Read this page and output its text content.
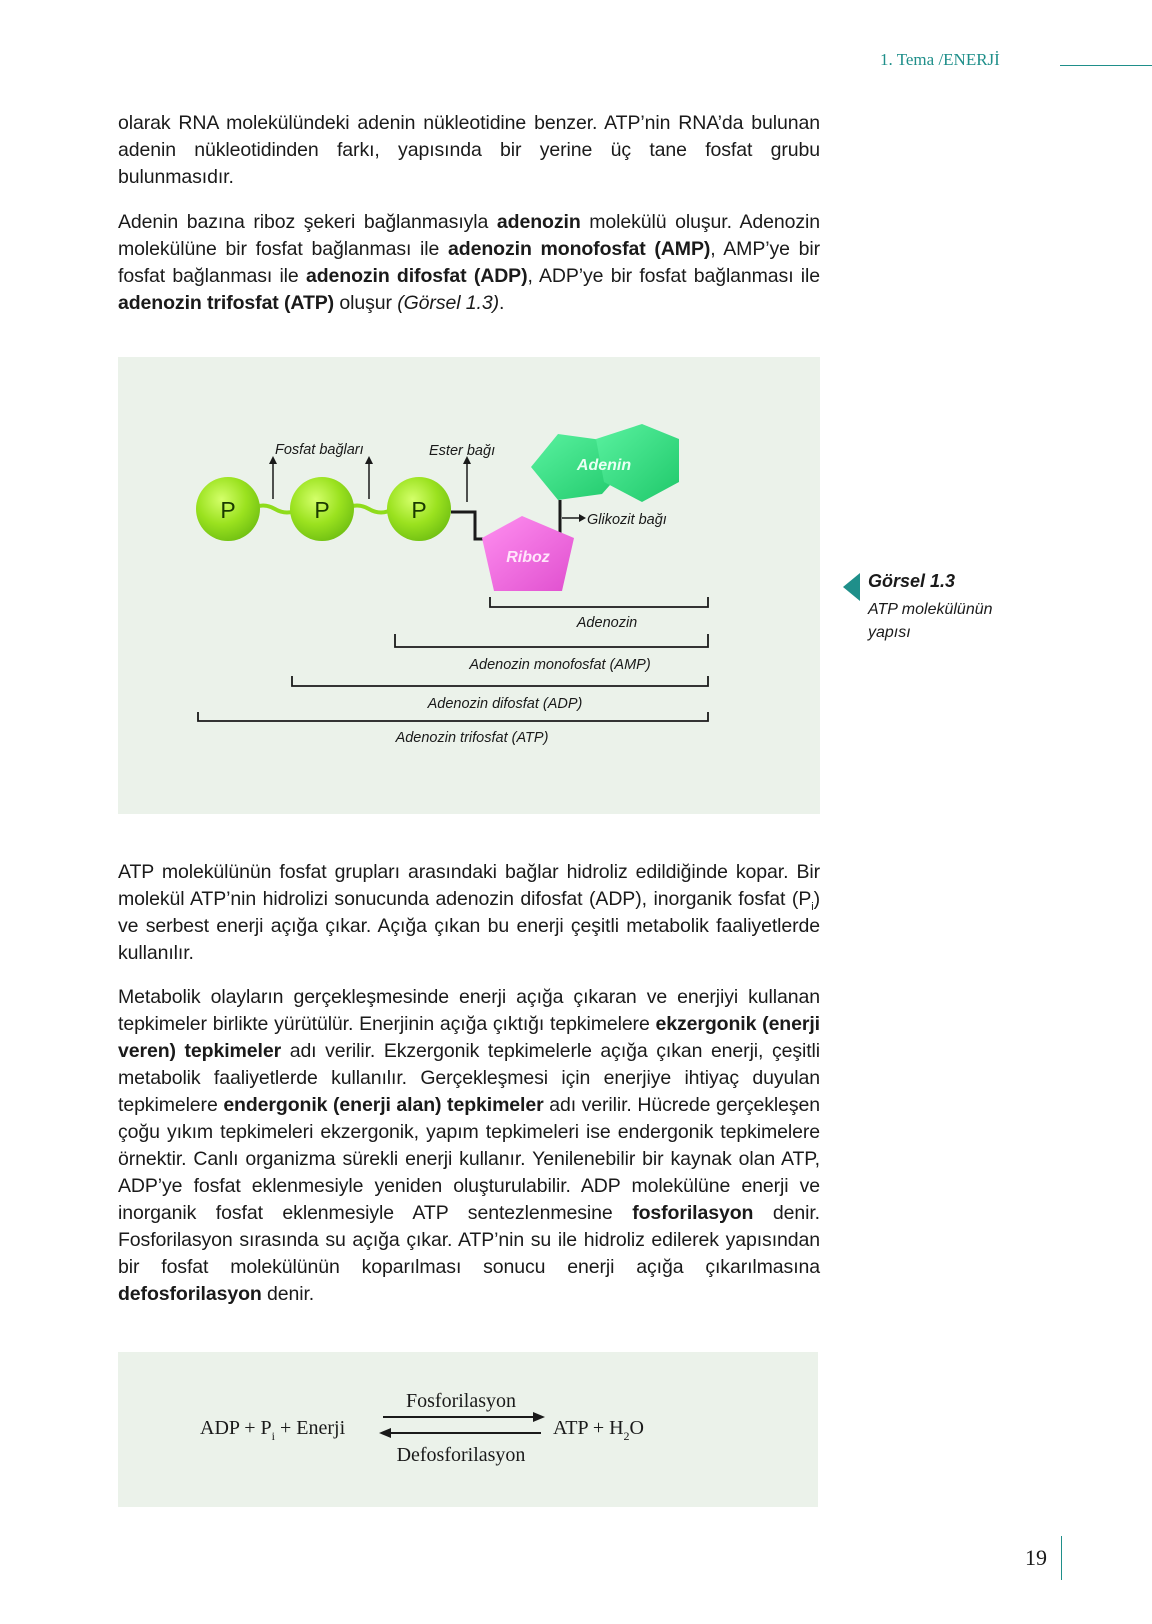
1. Tema /ENERJİ

olarak RNA molekülündeki adenin nükleotidine benzer. ATP’nin RNA’da bulunan adenin nükleotidinden farkı, yapısında bir yerine üç tane fosfat grubu bulunmasıdır.

Adenin bazına riboz şekeri bağlanmasıyla adenozin molekülü oluşur. Adenozin molekülüne bir fosfat bağlanması ile adenozin monofosfat (AMP), AMP’ye bir fosfat bağlanması ile adenozin difosfat (ADP), ADP’ye bir fosfat bağlanması ile adenozin trifosfat (ATP) oluşur (Görsel 1.3).

P	P	P
Adenin
Glikozit bağı
Riboz
Fosfat bağları	Ester bağı
Adenozin
Adenozin monofosfat (AMP)
Adenozin difosfat (ADP)
Adenozin trifosfat (ATP)
Görsel 1.3
ATP molekülünün yapısı

ATP molekülünün fosfat grupları arasındaki bağlar hidroliz edildiğinde kopar. Bir molekül ATP’nin hidrolizi sonucunda adenozin difosfat (ADP), inorganik fosfat $(P_i)$ ve serbest enerji açığa çıkar. Açığa çıkan bu enerji çeşitli metabolik faaliyetlerde kullanılır.

Metabolik olayların gerçekleşmesinde enerji açığa çıkaran ve enerjiyi kullanan tepkimeler birlikte yürütülür. Enerjinin açığa çıktığı tepkimelere ekzergonik (enerji veren) tepkimeler adı verilir. Ekzergonik tepkimelerle açığa çıkan enerji, çeşitli metabolik faaliyetlerde kullanılır. Gerçekleşmesi için enerjiye ihtiyaç duyulan tepkimelere endergonik (enerji alan) tepkimeler adı verilir. Hücrede gerçekleşen çoğu yıkım tepkimeleri ekzergonik, yapım tepkimeleri ise endergonik tepkimelere örnektir. Canlı organizma sürekli enerji kullanır. Yenilenebilir bir kaynak olan ATP, ADP’ye fosfat eklenmesiyle yeniden oluşturulabilir. ADP molekülüne enerji ve inorganik fosfat eklenmesiyle ATP sentezlenmesine fosforilasyon denir. Fosforilasyon sırasında su açığa çıkar. ATP’nin su ile hidroliz edilerek yapısından bir fosfat molekülünün koparılması sonucu enerji açığa çıkarılmasına defosforilasyon denir.

ADP + $P_i$ + Enerji
Fosforilasyon
Defosforilasyon
ATP + $H_2O$
19
